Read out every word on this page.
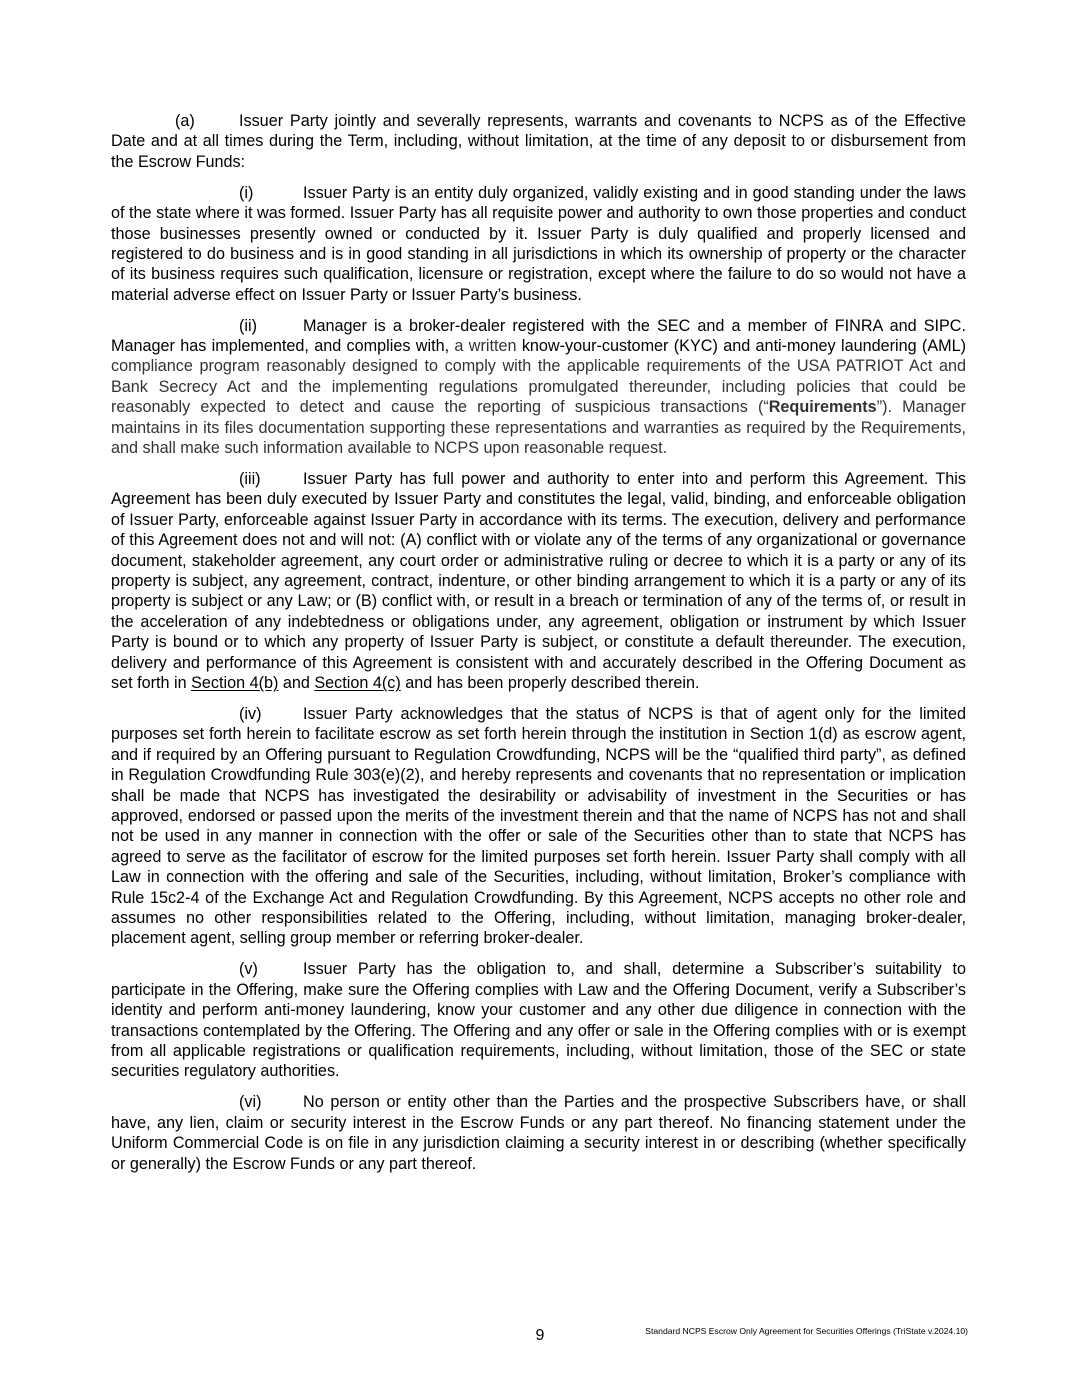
(a)	Issuer Party jointly and severally represents, warrants and covenants to NCPS as of the Effective Date and at all times during the Term, including, without limitation, at the time of any deposit to or disbursement from the Escrow Funds:

(i)	Issuer Party is an entity duly organized, validly existing and in good standing under the laws of the state where it was formed. Issuer Party has all requisite power and authority to own those properties and conduct those businesses presently owned or conducted by it. Issuer Party is duly qualified and properly licensed and registered to do business and is in good standing in all jurisdictions in which its ownership of property or the character of its business requires such qualification, licensure or registration, except where the failure to do so would not have a material adverse effect on Issuer Party or Issuer Party’s business.

(ii)	Manager is a broker-dealer registered with the SEC and a member of FINRA and SIPC. Manager has implemented, and complies with, a written know-your-customer (KYC) and anti-money laundering (AML) compliance program reasonably designed to comply with the applicable requirements of the USA PATRIOT Act and Bank Secrecy Act and the implementing regulations promulgated thereunder, including policies that could be reasonably expected to detect and cause the reporting of suspicious transactions (“Requirements”). Manager maintains in its files documentation supporting these representations and warranties as required by the Requirements, and shall make such information available to NCPS upon reasonable request.

(iii)	Issuer Party has full power and authority to enter into and perform this Agreement. This Agreement has been duly executed by Issuer Party and constitutes the legal, valid, binding, and enforceable obligation of Issuer Party, enforceable against Issuer Party in accordance with its terms. The execution, delivery and performance of this Agreement does not and will not: (A) conflict with or violate any of the terms of any organizational or governance document, stakeholder agreement, any court order or administrative ruling or decree to which it is a party or any of its property is subject, any agreement, contract, indenture, or other binding arrangement to which it is a party or any of its property is subject or any Law; or (B) conflict with, or result in a breach or termination of any of the terms of, or result in the acceleration of any indebtedness or obligations under, any agreement, obligation or instrument by which Issuer Party is bound or to which any property of Issuer Party is subject, or constitute a default thereunder. The execution, delivery and performance of this Agreement is consistent with and accurately described in the Offering Document as set forth in Section 4(b) and Section 4(c) and has been properly described therein.

(iv)	Issuer Party acknowledges that the status of NCPS is that of agent only for the limited purposes set forth herein to facilitate escrow as set forth herein through the institution in Section 1(d) as escrow agent, and if required by an Offering pursuant to Regulation Crowdfunding, NCPS will be the “qualified third party”, as defined in Regulation Crowdfunding Rule 303(e)(2), and hereby represents and covenants that no representation or implication shall be made that NCPS has investigated the desirability or advisability of investment in the Securities or has approved, endorsed or passed upon the merits of the investment therein and that the name of NCPS has not and shall not be used in any manner in connection with the offer or sale of the Securities other than to state that NCPS has agreed to serve as the facilitator of escrow for the limited purposes set forth herein. Issuer Party shall comply with all Law in connection with the offering and sale of the Securities, including, without limitation, Broker’s compliance with Rule 15c2-4 of the Exchange Act and Regulation Crowdfunding. By this Agreement, NCPS accepts no other role and assumes no other responsibilities related to the Offering, including, without limitation, managing broker-dealer, placement agent, selling group member or referring broker-dealer.

(v)	Issuer Party has the obligation to, and shall, determine a Subscriber’s suitability to participate in the Offering, make sure the Offering complies with Law and the Offering Document, verify a Subscriber’s identity and perform anti-money laundering, know your customer and any other due diligence in connection with the transactions contemplated by the Offering. The Offering and any offer or sale in the Offering complies with or is exempt from all applicable registrations or qualification requirements, including, without limitation, those of the SEC or state securities regulatory authorities.

(vi)	No person or entity other than the Parties and the prospective Subscribers have, or shall have, any lien, claim or security interest in the Escrow Funds or any part thereof. No financing statement under the Uniform Commercial Code is on file in any jurisdiction claiming a security interest in or describing (whether specifically or generally) the Escrow Funds or any part thereof.

9	Standard NCPS Escrow Only Agreement for Securities Offerings (TriState v.2024.10)
